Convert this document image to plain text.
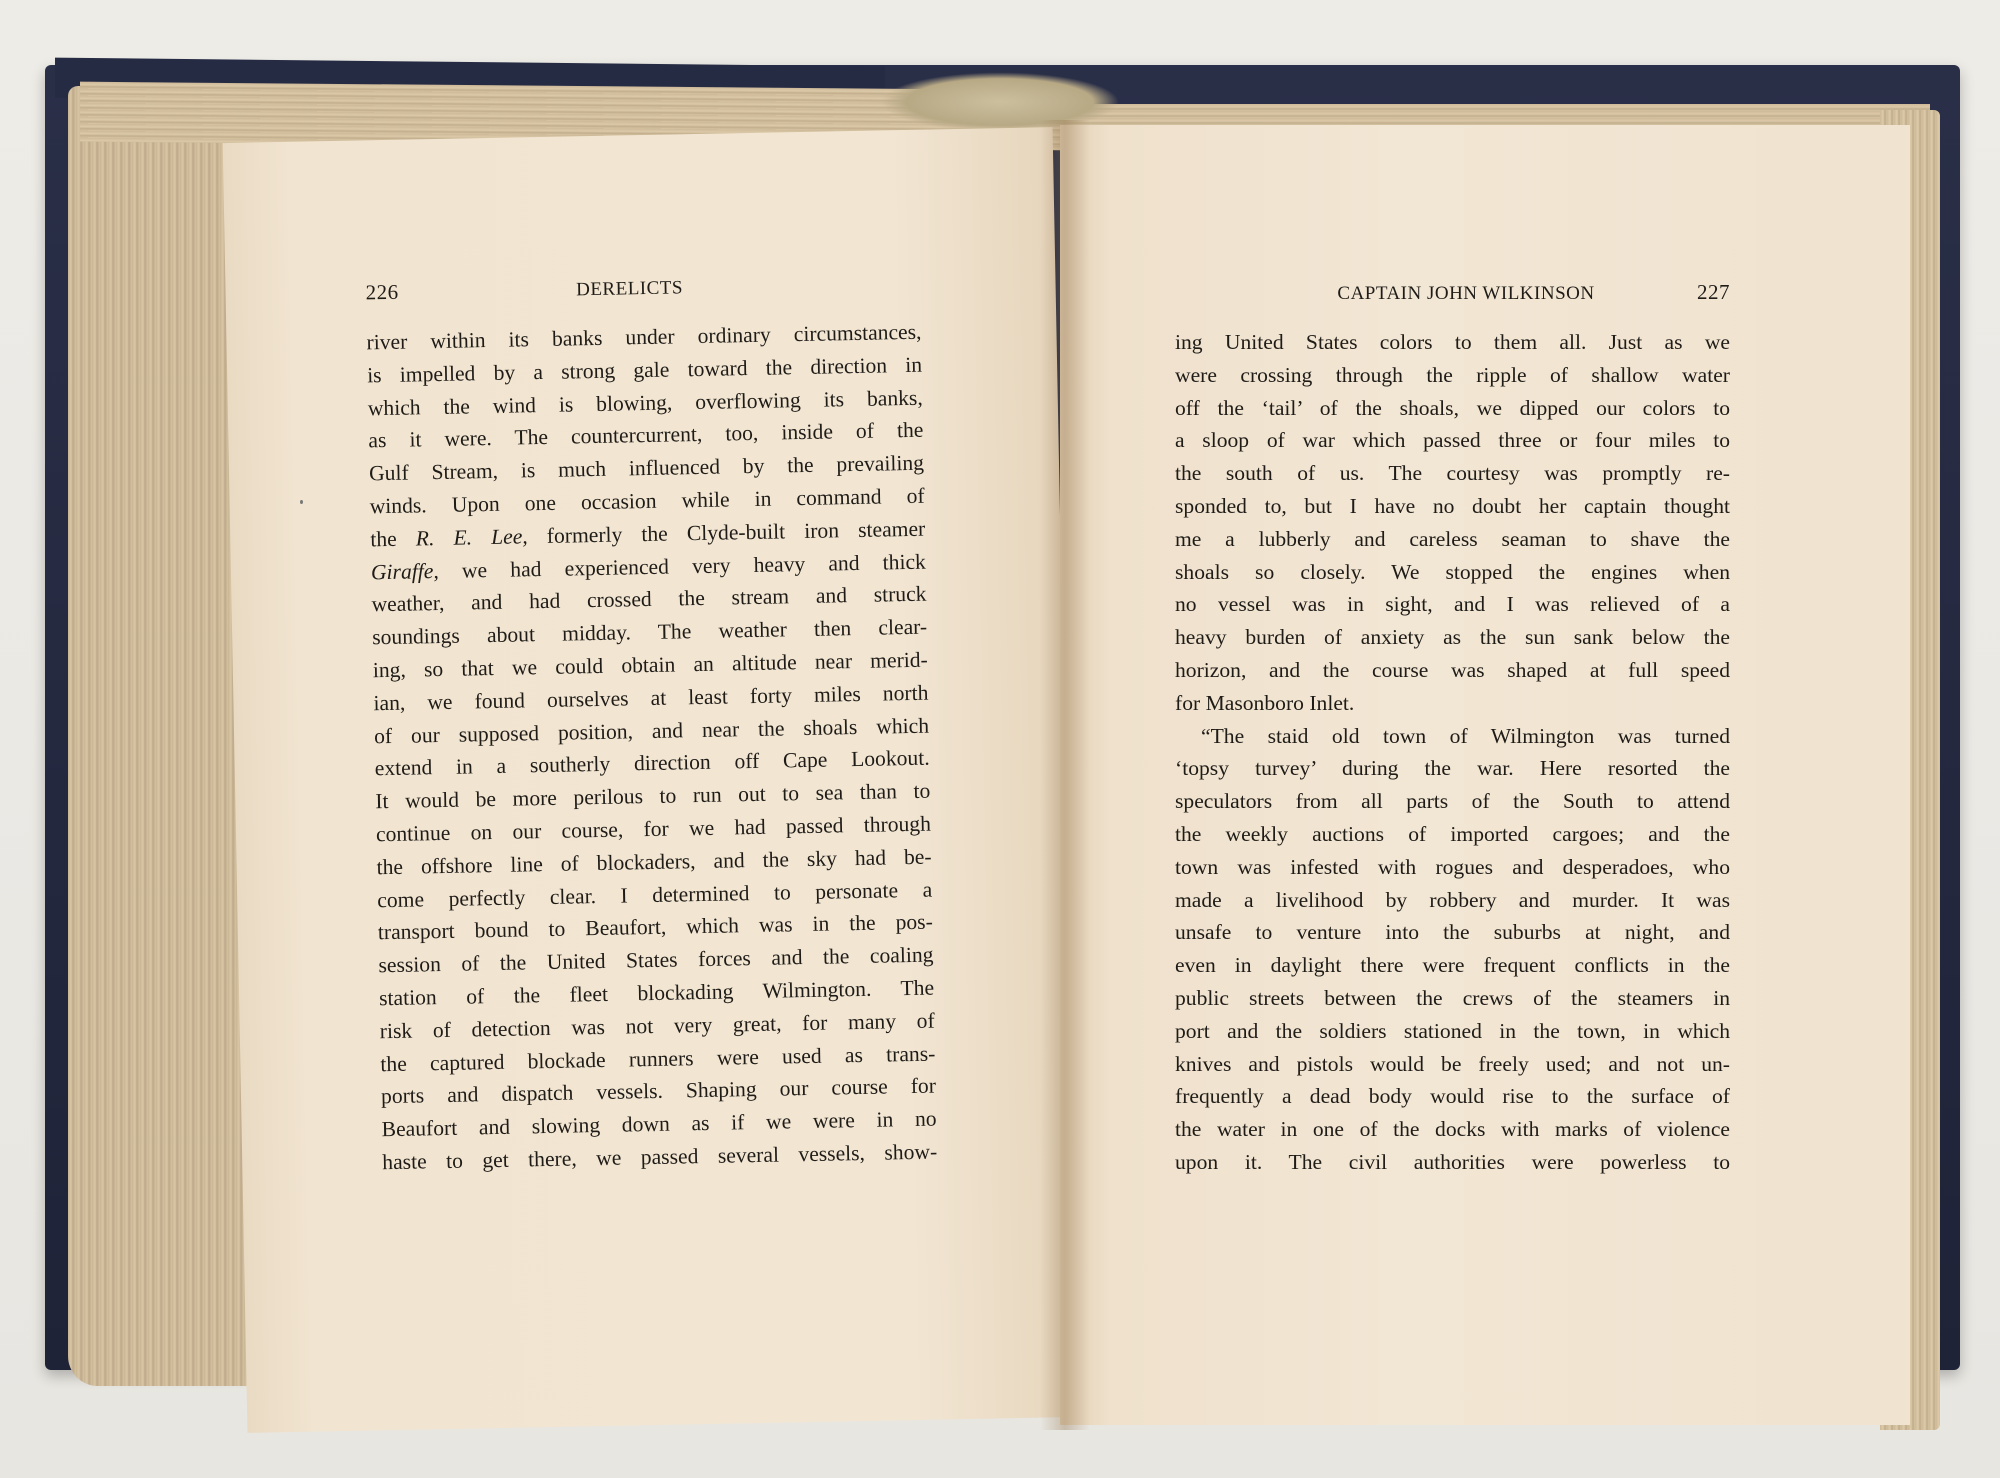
226	DERELICTS
river within its banks under ordinary circumstances,
is impelled by a strong gale toward the direction in
which the wind is blowing, overflowing its banks,
as it were. The countercurrent, too, inside of the
Gulf Stream, is much influenced by the prevailing
winds. Upon one occasion while in command of
the R. E. Lee, formerly the Clyde-built iron steamer
Giraffe, we had experienced very heavy and thick
weather, and had crossed the stream and struck
soundings about midday. The weather then clear-
ing, so that we could obtain an altitude near merid-
ian, we found ourselves at least forty miles north
of our supposed position, and near the shoals which
extend in a southerly direction off Cape Lookout.
It would be more perilous to run out to sea than to
continue on our course, for we had passed through
the offshore line of blockaders, and the sky had be-
come perfectly clear. I determined to personate a
transport bound to Beaufort, which was in the pos-
session of the United States forces and the coaling
station of the fleet blockading Wilmington. The
risk of detection was not very great, for many of
the captured blockade runners were used as trans-
ports and dispatch vessels. Shaping our course for
Beaufort and slowing down as if we were in no
haste to get there, we passed several vessels, show-
CAPTAIN JOHN WILKINSON	227
ing United States colors to them all. Just as we
were crossing through the ripple of shallow water
off the ‘tail’ of the shoals, we dipped our colors to
a sloop of war which passed three or four miles to
the south of us. The courtesy was promptly re-
sponded to, but I have no doubt her captain thought
me a lubberly and careless seaman to shave the
shoals so closely. We stopped the engines when
no vessel was in sight, and I was relieved of a
heavy burden of anxiety as the sun sank below the
horizon, and the course was shaped at full speed
for Masonboro Inlet.
“The staid old town of Wilmington was turned
‘topsy turvey’ during the war. Here resorted the
speculators from all parts of the South to attend
the weekly auctions of imported cargoes; and the
town was infested with rogues and desperadoes, who
made a livelihood by robbery and murder. It was
unsafe to venture into the suburbs at night, and
even in daylight there were frequent conflicts in the
public streets between the crews of the steamers in
port and the soldiers stationed in the town, in which
knives and pistols would be freely used; and not un-
frequently a dead body would rise to the surface of
the water in one of the docks with marks of violence
upon it. The civil authorities were powerless to
